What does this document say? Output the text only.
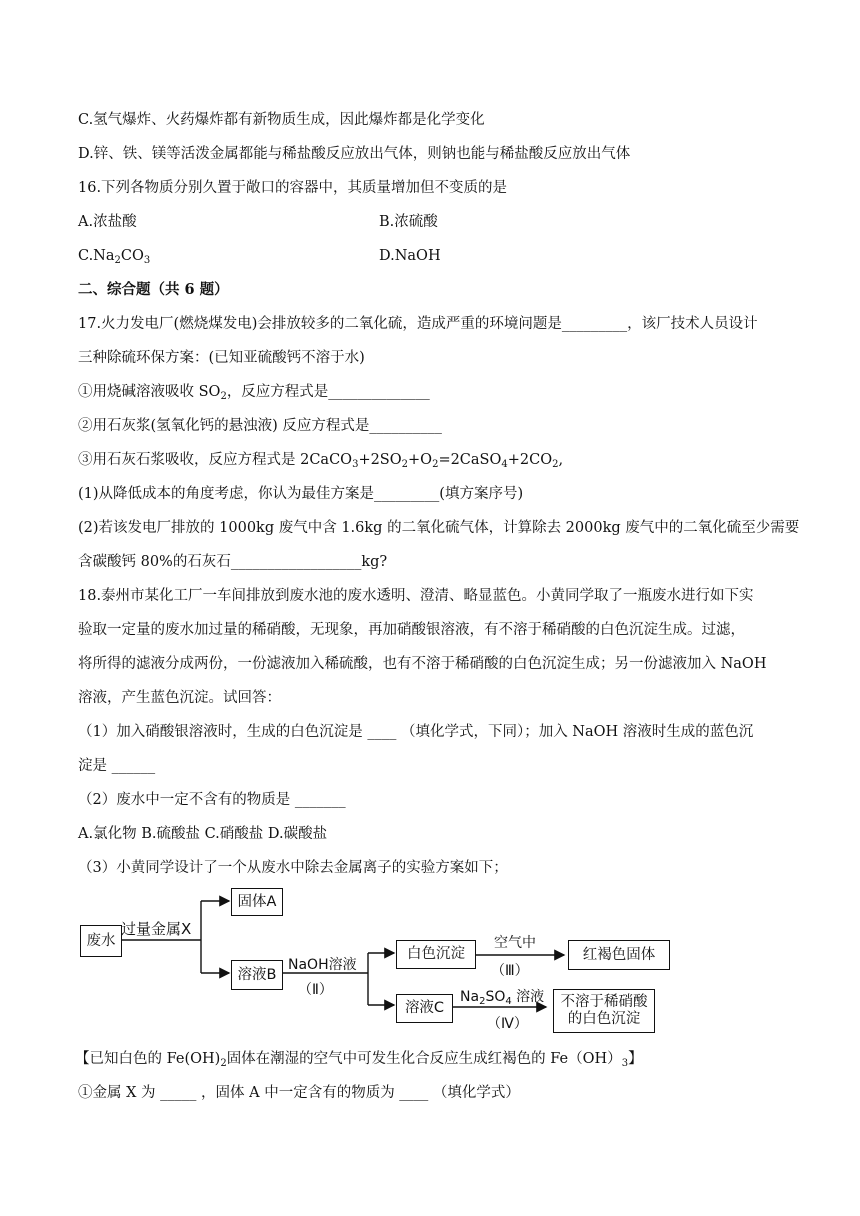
C.氢气爆炸、火药爆炸都有新物质生成，因此爆炸都是化学变化
D.锌、铁、镁等活泼金属都能与稀盐酸反应放出气体，则钠也能与稀盐酸反应放出气体
16.下列各物质分别久置于敞口的容器中，其质量增加但不变质的是
A.浓盐酸	B.浓硫酸
$C.Na_2CO_3$	D.NaOH
二、综合题（共 6 题）
17.火力发电厂(燃烧煤发电)会排放较多的二氧化硫，造成严重的环境问题是_________，该厂技术人员设计
三种除硫环保方案：(已知亚硫酸钙不溶于水)
①用烧碱溶液吸收 $SO_2$，反应方程式是______________
②用石灰浆(氢氧化钙的悬浊液) 反应方程式是__________
③用石灰石浆吸收，反应方程式是 $2CaCO_3+2SO_2+O_2=2CaSO_4+2CO_2$,
(1)从降低成本的角度考虑，你认为最佳方案是_________(填方案序号)
(2)若该发电厂排放的 1000kg 废气中含 1.6kg 的二氧化硫气体，计算除去 2000kg 废气中的二氧化硫至少需要
含碳酸钙 80%的石灰石__________________kg?
18.泰州市某化工厂一车间排放到废水池的废水透明、澄清、略显蓝色。小黄同学取了一瓶废水进行如下实
验取一定量的废水加过量的稀硝酸，无现象，再加硝酸银溶液，有不溶于稀硝酸的白色沉淀生成。过滤，
将所得的滤液分成两份，一份滤液加入稀硫酸，也有不溶于稀硝酸的白色沉淀生成；另一份滤液加入 NaOH
溶液，产生蓝色沉淀。试回答：
（1）加入硝酸银溶液时，生成的白色沉淀是 ____ （填化学式，下同）；加入 NaOH 溶液时生成的蓝色沉
淀是 ______
（2）废水中一定不含有的物质是 _______
A.氯化物 B.硫酸盐 C.硝酸盐 D.碳酸盐
（3）小黄同学设计了一个从废水中除去金属离子的实验方案如下；
废水
过量金属X
固体A
溶液B
NaOH溶液
（Ⅱ）
白色沉淀
空气中
（Ⅲ）
红褐色固体
溶液C
$Na_2SO_4$ 溶液
（Ⅳ）
不溶于稀硝酸
的白色沉淀
【已知白色的 $Fe(OH)_2$固体在潮湿的空气中可发生化合反应生成红褐色的 $Fe(OH)_3$】
①金属 X 为 _____ ，固体 A 中一定含有的物质为 ____ （填化学式）
